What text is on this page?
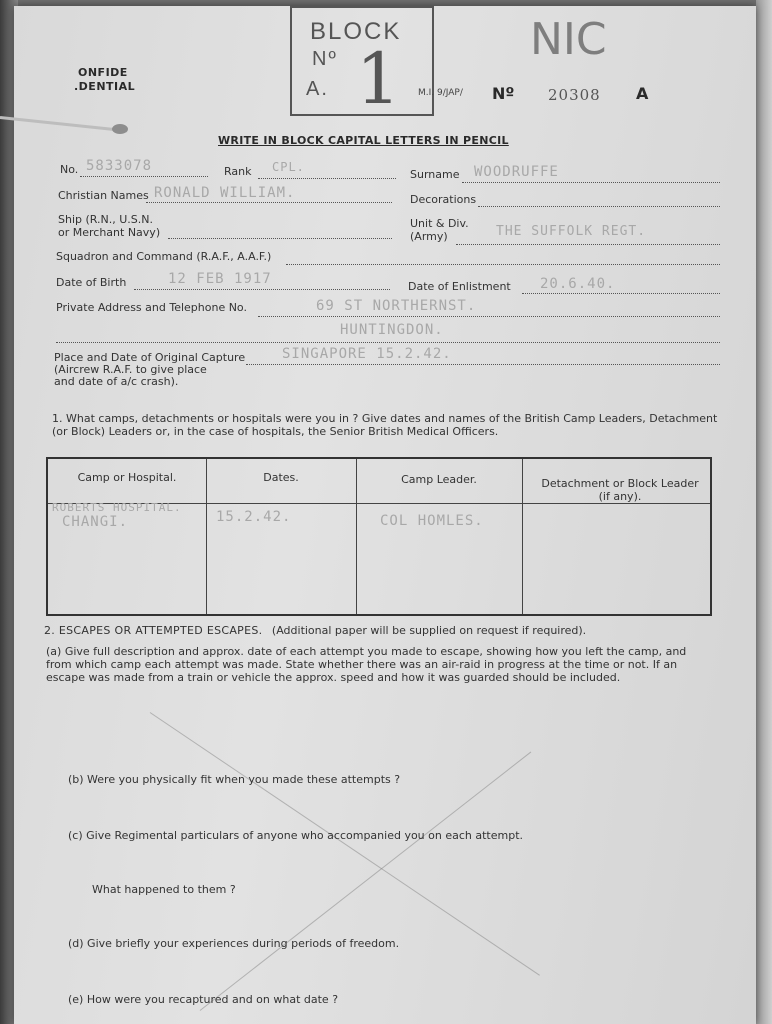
ONFIDE
.DENTIAL
BLOCK
Nº
A. 1	NIC
M.I. 9/JAP/ Nº 20308 A
WRITE IN BLOCK CAPITAL LETTERS IN PENCIL
No. 5833078	Rank CPL.
Surname WOODRUFFE
Christian Names RONALD WILLIAM.	Decorations
Ship (R.N., U.S.N.
or Merchant Navy)
Unit & Div.
(Army)	THE SUFFOLK REGT.
Squadron and Command (R.A.F., A.A.F.)
Date of Birth	12 FEB 1917	Date of Enlistment 20.6.40.
Private Address and Telephone No.	69 ST NORTHERNST.
HUNTINGDON.
Place and Date of Original Capture
(Aircrew R.A.F. to give place
and date of a/c crash).
SINGAPORE 15.2.42.
1. What camps, detachments or hospitals were you in ? Give dates and names of the British Camp Leaders, Detachment (or Block) Leaders or, in the case of hospitals, the Senior British Medical Officers.
Camp or Hospital.	Dates.	Camp Leader.	Detachment or Block Leader (if any).
ROBERTS HOSPITAL.
CHANGI.	15.2.42.	COL HOMLES.
2. ESCAPES OR ATTEMPTED ESCAPES. (Additional paper will be supplied on request if required).
(a) Give full description and approx. date of each attempt you made to escape, showing how you left the camp, and from which camp each attempt was made. State whether there was an air-raid in progress at the time or not. If an escape was made from a train or vehicle the approx. speed and how it was guarded should be included.
(b) Were you physically fit when you made these attempts ?
(c) Give Regimental particulars of anyone who accompanied you on each attempt.
What happened to them ?
(d) Give briefly your experiences during periods of freedom.
(e) How were you recaptured and on what date ?
